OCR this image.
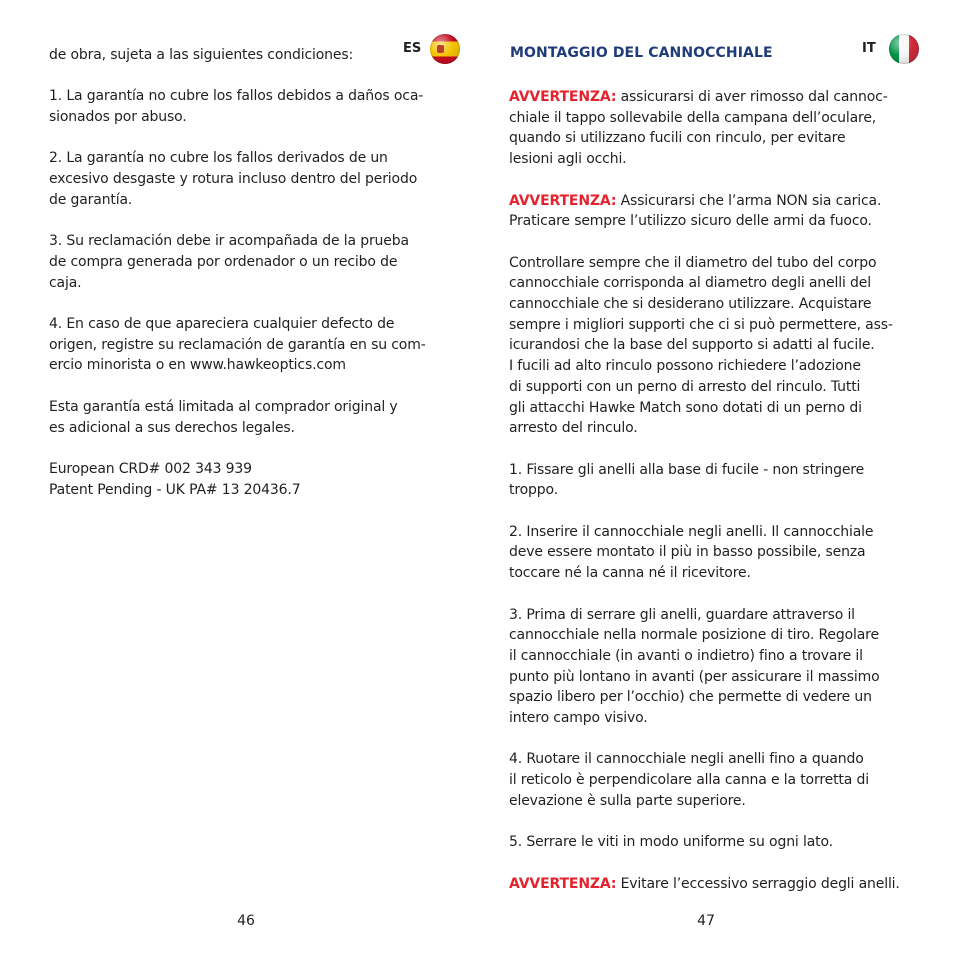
ES
de obra, sujeta a las siguientes condiciones:
1. La garantía no cubre los fallos debidos a daños oca-
sionados por abuso.
2. La garantía no cubre los fallos derivados de un
excesivo desgaste y rotura incluso dentro del periodo
de garantía.
3. Su reclamación debe ir acompañada de la prueba
de compra generada por ordenador o un recibo de
caja.
4. En caso de que apareciera cualquier defecto de
origen, registre su reclamación de garantía en su com-
ercio minorista o en www.hawkeoptics.com
Esta garantía está limitada al comprador original y
es adicional a sus derechos legales.
European CRD# 002 343 939
Patent Pending - UK PA# 13 20436.7
46
MONTAGGIO DEL CANNOCCHIALE	IT
AVVERTENZA: assicurarsi di aver rimosso dal cannoc-
chiale il tappo sollevabile della campana dell’oculare,
quando si utilizzano fucili con rinculo, per evitare
lesioni agli occhi.
AVVERTENZA: Assicurarsi che l’arma NON sia carica.
Praticare sempre l’utilizzo sicuro delle armi da fuoco.
Controllare sempre che il diametro del tubo del corpo
cannocchiale corrisponda al diametro degli anelli del
cannocchiale che si desiderano utilizzare. Acquistare
sempre i migliori supporti che ci si può permettere, ass-
icurandosi che la base del supporto si adatti al fucile.
I fucili ad alto rinculo possono richiedere l’adozione
di supporti con un perno di arresto del rinculo. Tutti
gli attacchi Hawke Match sono dotati di un perno di
arresto del rinculo.
1. Fissare gli anelli alla base di fucile - non stringere
troppo.
2. Inserire il cannocchiale negli anelli. Il cannocchiale
deve essere montato il più in basso possibile, senza
toccare né la canna né il ricevitore.
3. Prima di serrare gli anelli, guardare attraverso il
cannocchiale nella normale posizione di tiro. Regolare
il cannocchiale (in avanti o indietro) fino a trovare il
punto più lontano in avanti (per assicurare il massimo
spazio libero per l’occhio) che permette di vedere un
intero campo visivo.
4. Ruotare il cannocchiale negli anelli fino a quando
il reticolo è perpendicolare alla canna e la torretta di
elevazione è sulla parte superiore.
5. Serrare le viti in modo uniforme su ogni lato.
AVVERTENZA: Evitare l’eccessivo serraggio degli anelli.
47
